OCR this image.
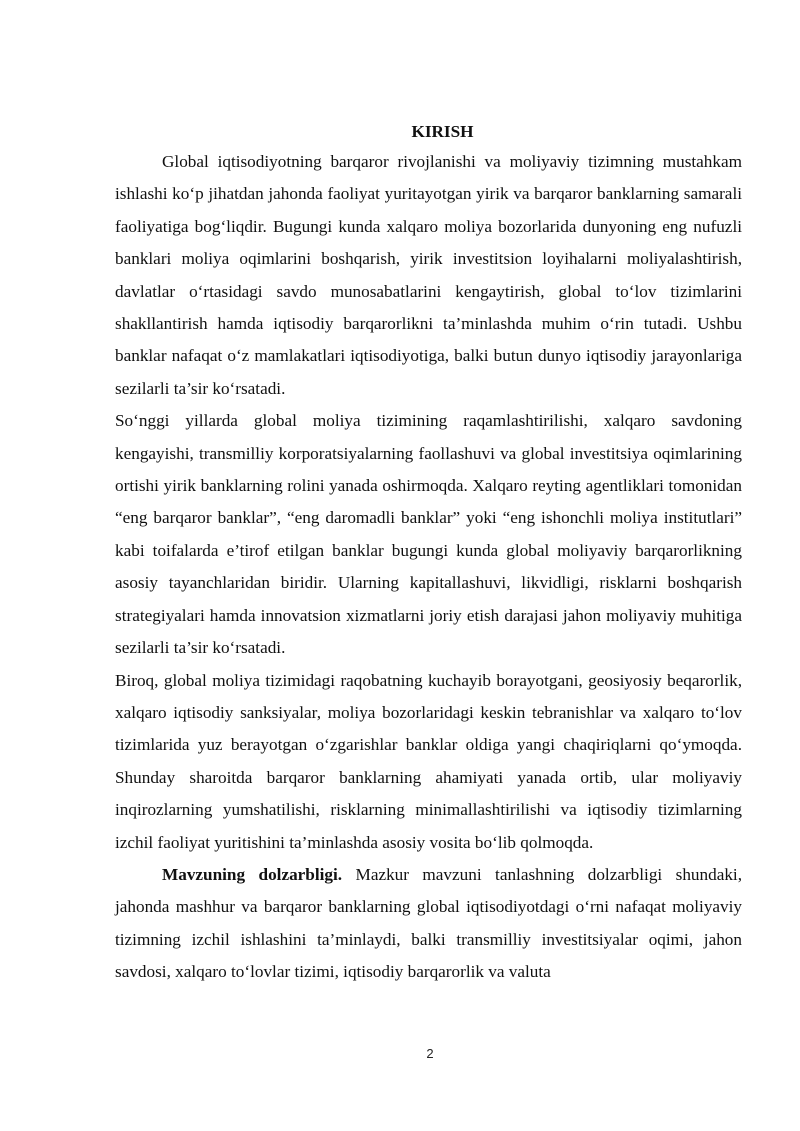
KIRISH

Global iqtisodiyotning barqaror rivojlanishi va moliyaviy tizimning mustahkam ishlashi ko‘p jihatdan jahonda faoliyat yuritayotgan yirik va barqaror banklarning samarali faoliyatiga bog‘liqdir. Bugungi kunda xalqaro moliya bozorlarida dunyoning eng nufuzli banklari moliya oqimlarini boshqarish, yirik investitsion loyihalarni moliyalashtirish, davlatlar o‘rtasidagi savdo munosabatlarini kengaytirish, global to‘lov tizimlarini shakllantirish hamda iqtisodiy barqarorlikni ta’minlashda muhim o‘rin tutadi. Ushbu banklar nafaqat o‘z mamlakatlari iqtisodiyotiga, balki butun dunyo iqtisodiy jarayonlariga sezilarli ta’sir ko‘rsatadi.

So‘nggi yillarda global moliya tizimining raqamlashtirilishi, xalqaro savdoning kengayishi, transmilliy korporatsiyalarning faollashuvi va global investitsiya oqimlarining ortishi yirik banklarning rolini yanada oshirmoqda. Xalqaro reyting agentliklari tomonidan “eng barqaror banklar”, “eng daromadli banklar” yoki “eng ishonchli moliya institutlari” kabi toifalarda e’tirof etilgan banklar bugungi kunda global moliyaviy barqarorlikning asosiy tayanchlaridan biridir. Ularning kapitallashuvi, likvidligi, risklarni boshqarish strategiyalari hamda innovatsion xizmatlarni joriy etish darajasi jahon moliyaviy muhitiga sezilarli ta’sir ko‘rsatadi.

Biroq, global moliya tizimidagi raqobatning kuchayib borayotgani, geosiyosiy beqarorlik, xalqaro iqtisodiy sanksiyalar, moliya bozorlaridagi keskin tebranishlar va xalqaro to‘lov tizimlarida yuz berayotgan o‘zgarishlar banklar oldiga yangi chaqiriqlarni qo‘ymoqda. Shunday sharoitda barqaror banklarning ahamiyati yanada ortib, ular moliyaviy inqirozlarning yumshatilishi, risklarning minimallashtirilishi va iqtisodiy tizimlarning izchil faoliyat yuritishini ta’minlashda asosiy vosita bo‘lib qolmoqda.

Mavzuning dolzarbligi. Mazkur mavzuni tanlashning dolzarbligi shundaki, jahonda mashhur va barqaror banklarning global iqtisodiyotdagi o‘rni nafaqat moliyaviy tizimning izchil ishlashini ta’minlaydi, balki transmilliy investitsiyalar oqimi, jahon savdosi, xalqaro to‘lovlar tizimi, iqtisodiy barqarorlik va valuta

2
